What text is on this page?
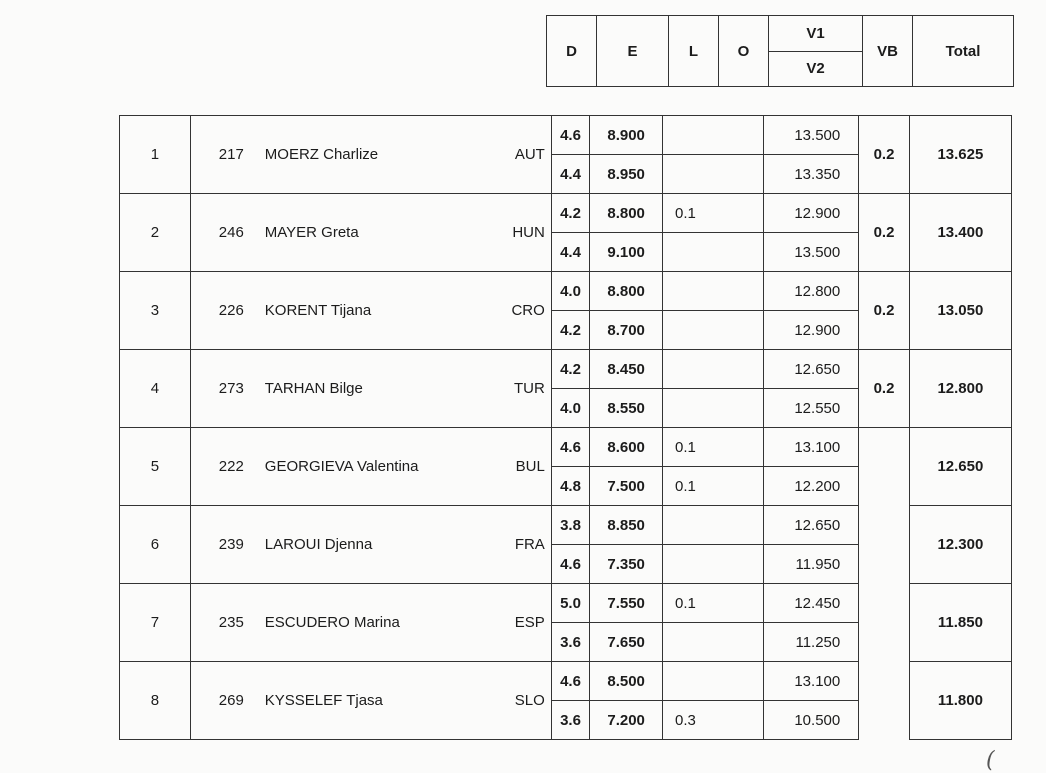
D	E	L	O	V1	VB	Total
V2
1	217 MOERZ Charlize	AUT	4.6	8.900		13.500	0.2	13.625
			4.4	8.950		13.350		
2	246 MAYER Greta	HUN	4.2	8.800	0.1	12.900	0.2	13.400
			4.4	9.100		13.500		
3	226 KORENT Tijana	CRO	4.0	8.800		12.800	0.2	13.050
			4.2	8.700		12.900		
4	273 TARHAN Bilge	TUR	4.2	8.450		12.650	0.2	12.800
			4.0	8.550		12.550		
5	222 GEORGIEVA Valentina	BUL	4.6	8.600	0.1	13.100		12.650
			4.8	7.500	0.1	12.200		
6	239 LAROUI Djenna	FRA	3.8	8.850		12.650		12.300
			4.6	7.350		11.950		
7	235 ESCUDERO Marina	ESP	5.0	7.550	0.1	12.450		11.850
			3.6	7.650		11.250		
8	269 KYSSELEF Tjasa	SLO	4.6	8.500		13.100		11.800
			3.6	7.200	0.3	10.500		
(
